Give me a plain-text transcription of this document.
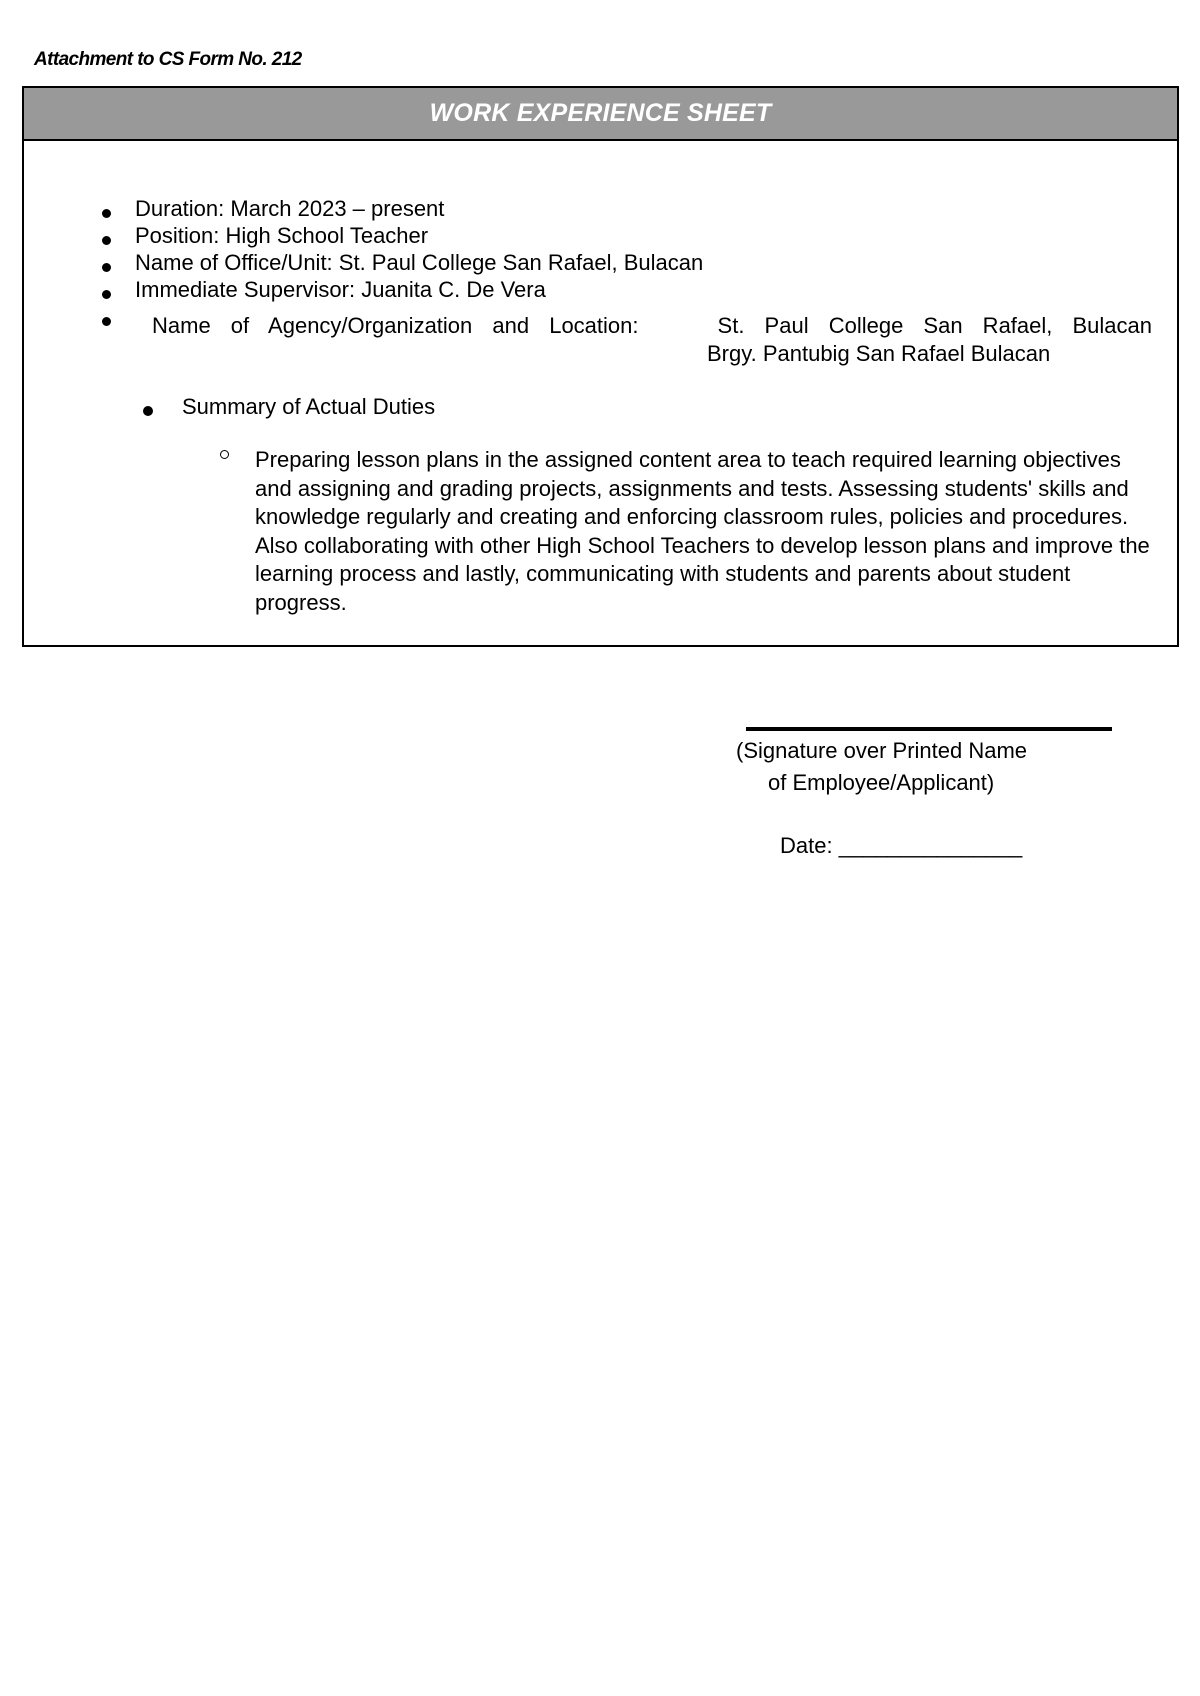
Attachment to CS Form No. 212
WORK EXPERIENCE SHEET
Duration: March 2023 – present
Position: High School Teacher
Name of Office/Unit: St. Paul College San Rafael, Bulacan
Immediate Supervisor: Juanita C. De Vera
Name of Agency/Organization and Location:	St. Paul College San Rafael, Bulacan
Brgy. Pantubig San Rafael Bulacan
Summary of Actual Duties
Preparing lesson plans in the assigned content area to teach required learning objectives and assigning and grading projects, assignments and tests. Assessing students' skills and knowledge regularly and creating and enforcing classroom rules, policies and procedures. Also collaborating with other High School Teachers to develop lesson plans and improve the learning process and lastly, communicating with students and parents about student progress.
(Signature over Printed Name
of Employee/Applicant)
Date: _______________
